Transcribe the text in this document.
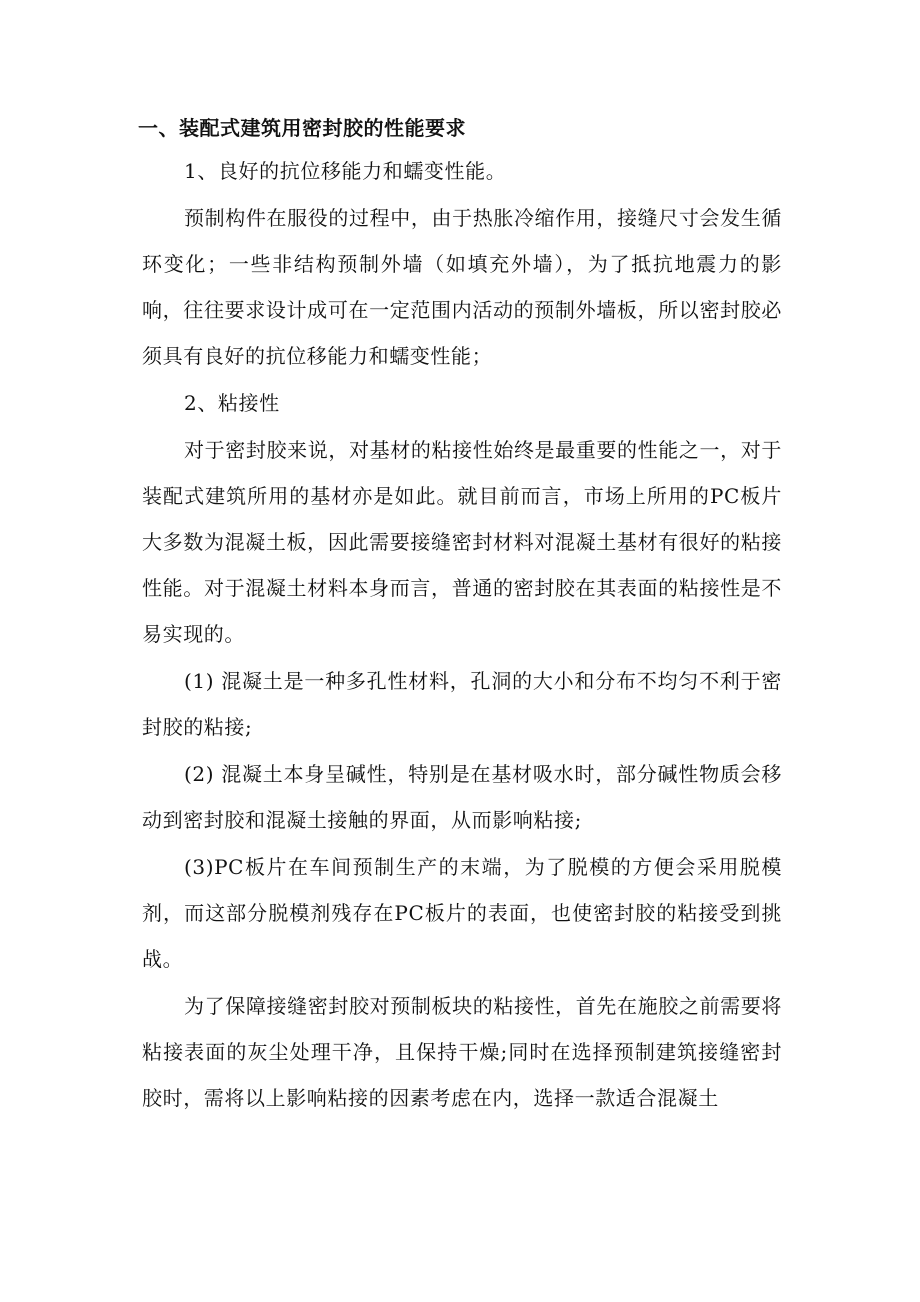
一、装配式建筑用密封胶的性能要求

1、良好的抗位移能力和蠕变性能。

预制构件在服役的过程中，由于热胀冷缩作用，接缝尺寸会发生循环变化；一些非结构预制外墙（如填充外墙），为了抵抗地震力的影响，往往要求设计成可在一定范围内活动的预制外墙板，所以密封胶必须具有良好的抗位移能力和蠕变性能；

2、粘接性

对于密封胶来说，对基材的粘接性始终是最重要的性能之一，对于装配式建筑所用的基材亦是如此。就目前而言，市场上所用的PC板片大多数为混凝土板，因此需要接缝密封材料对混凝土基材有很好的粘接性能。对于混凝土材料本身而言，普通的密封胶在其表面的粘接性是不易实现的。

(1) 混凝土是一种多孔性材料，孔洞的大小和分布不均匀不利于密封胶的粘接;

(2) 混凝土本身呈碱性，特别是在基材吸水时，部分碱性物质会移动到密封胶和混凝土接触的界面，从而影响粘接;

(3)PC板片在车间预制生产的末端，为了脱模的方便会采用脱模剂，而这部分脱模剂残存在PC板片的表面，也使密封胶的粘接受到挑战。

为了保障接缝密封胶对预制板块的粘接性，首先在施胶之前需要将粘接表面的灰尘处理干净，且保持干燥;同时在选择预制建筑接缝密封胶时，需将以上影响粘接的因素考虑在内，选择一款适合混凝土
